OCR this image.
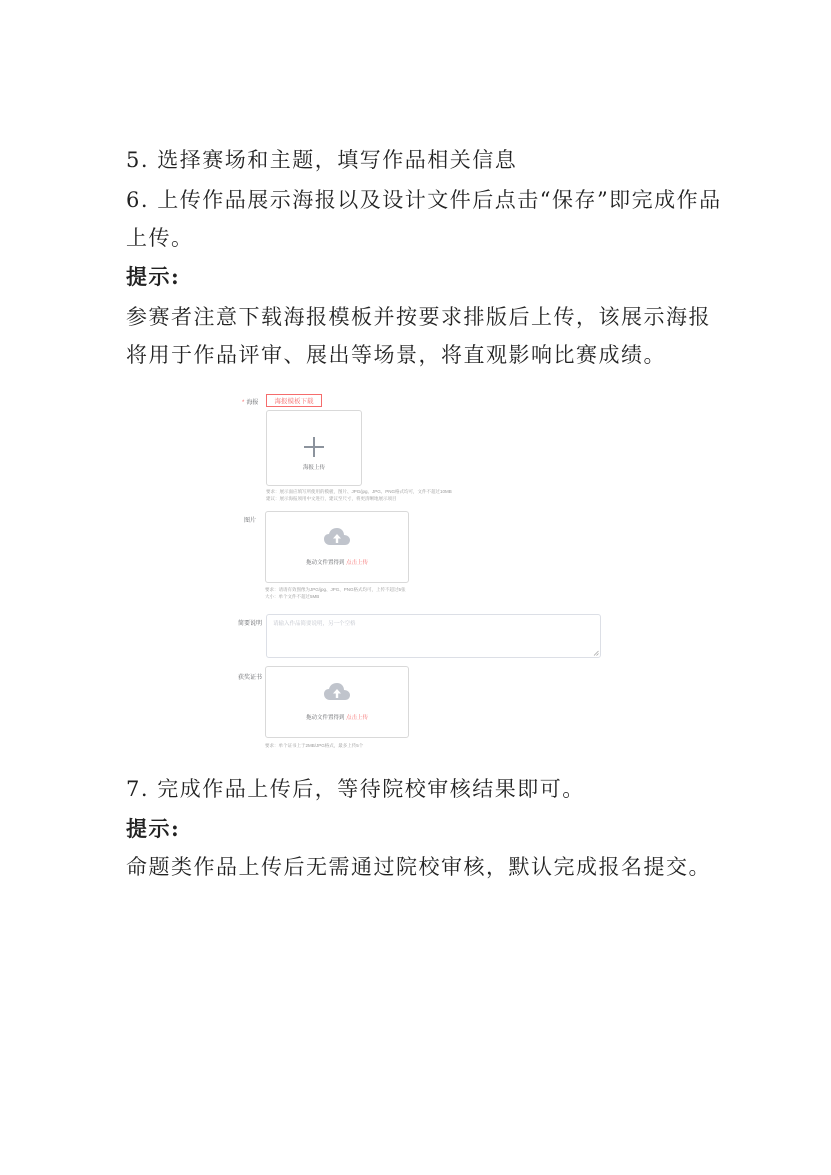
5. 选择赛场和主题，填写作品相关信息

6. 上传作品展示海报以及设计文件后点击“保存”即完成作品上传。

提示:

参赛者注意下载海报模板并按要求排版后上传，该展示海报将用于作品评审、展出等场景，将直观影响比赛成绩。

* 海报	海报模板下载
海报上传
要求：展示面应填写所使用的模板，图片、JPG/jpg、JPG、PNG格式均可，文件不超过10MB
建议：展示海报须用中文进行，建议至尺寸，将更清晰地展示项目
图片
拖动文件置得到 点击上传
要求：请请有效图像为JPG/jpg、JPG、PNG格式均可，上传不超过5张
大小：单个文件不超过5MB
简要说明	请输入作品简要说明，另一个空格
获奖证书
拖动文件置得到 点击上传
要求：单个证书上于2MB/JPG格式，最多上传5个

7. 完成作品上传后，等待院校审核结果即可。

提示:

命题类作品上传后无需通过院校审核，默认完成报名提交。
